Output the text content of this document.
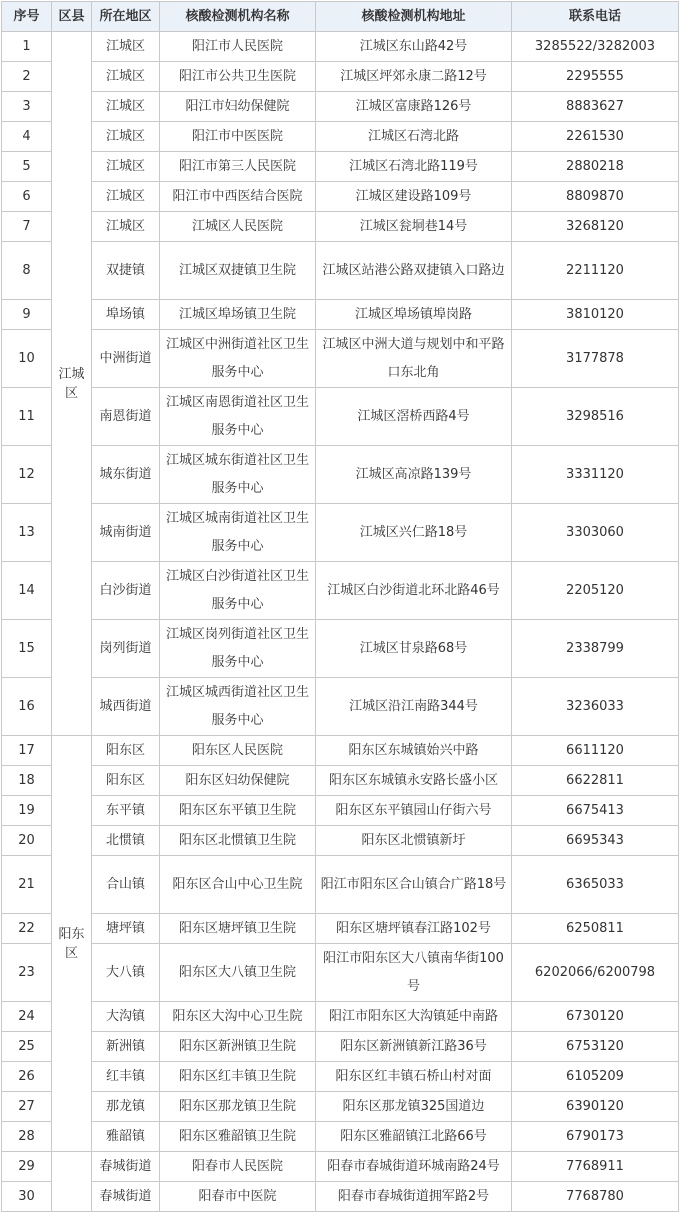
序号	区县	所在地区	核酸检测机构名称	核酸检测机构地址	联系电话
1	江城区	江城区	阳江市人民医院	江城区东山路42号	3285522/3282003
2		江城区	阳江市公共卫生医院	江城区坪郊永康二路12号	2295555
3		江城区	阳江市妇幼保健院	江城区富康路126号	8883627
4		江城区	阳江市中医医院	江城区石湾北路	2261530
5		江城区	阳江市第三人民医院	江城区石湾北路119号	2880218
6		江城区	阳江市中西医结合医院	江城区建设路109号	8809870
7		江城区	江城区人民医院	江城区瓮垌巷14号	3268120
8		双捷镇	江城区双捷镇卫生院	江城区站港公路双捷镇入口路边	2211120
9		埠场镇	江城区埠场镇卫生院	江城区埠场镇埠岗路	3810120
10		中洲街道	江城区中洲街道社区卫生服务中心	江城区中洲大道与规划中和平路口东北角	3177878
11		南恩街道	江城区南恩街道社区卫生服务中心	江城区滘桥西路4号	3298516
12		城东街道	江城区城东街道社区卫生服务中心	江城区高凉路139号	3331120
13		城南街道	江城区城南街道社区卫生服务中心	江城区兴仁路18号	3303060
14		白沙街道	江城区白沙街道社区卫生服务中心	江城区白沙街道北环北路46号	2205120
15		岗列街道	江城区岗列街道社区卫生服务中心	江城区甘泉路68号	2338799
16		城西街道	江城区城西街道社区卫生服务中心	江城区沿江南路344号	3236033
17	阳东区	阳东区	阳东区人民医院	阳东区东城镇始兴中路	6611120
18		阳东区	阳东区妇幼保健院	阳东区东城镇永安路长盛小区	6622811
19		东平镇	阳东区东平镇卫生院	阳东区东平镇园山仔街六号	6675413
20		北惯镇	阳东区北惯镇卫生院	阳东区北惯镇新圩	6695343
21		合山镇	阳东区合山中心卫生院	阳江市阳东区合山镇合广路18号	6365033
22		塘坪镇	阳东区塘坪镇卫生院	阳东区塘坪镇春江路102号	6250811
23		大八镇	阳东区大八镇卫生院	阳江市阳东区大八镇南华街100号	6202066/6200798
24		大沟镇	阳东区大沟中心卫生院	阳江市阳东区大沟镇延中南路	6730120
25		新洲镇	阳东区新洲镇卫生院	阳东区新洲镇新江路36号	6753120
26		红丰镇	阳东区红丰镇卫生院	阳东区红丰镇石桥山村对面	6105209
27		那龙镇	阳东区那龙镇卫生院	阳东区那龙镇325国道边	6390120
28		雅韶镇	阳东区雅韶镇卫生院	阳东区雅韶镇江北路66号	6790173
29		春城街道	阳春市人民医院	阳春市春城街道环城南路24号	7768911
30		春城街道	阳春市中医院	阳春市春城街道拥军路2号	7768780
